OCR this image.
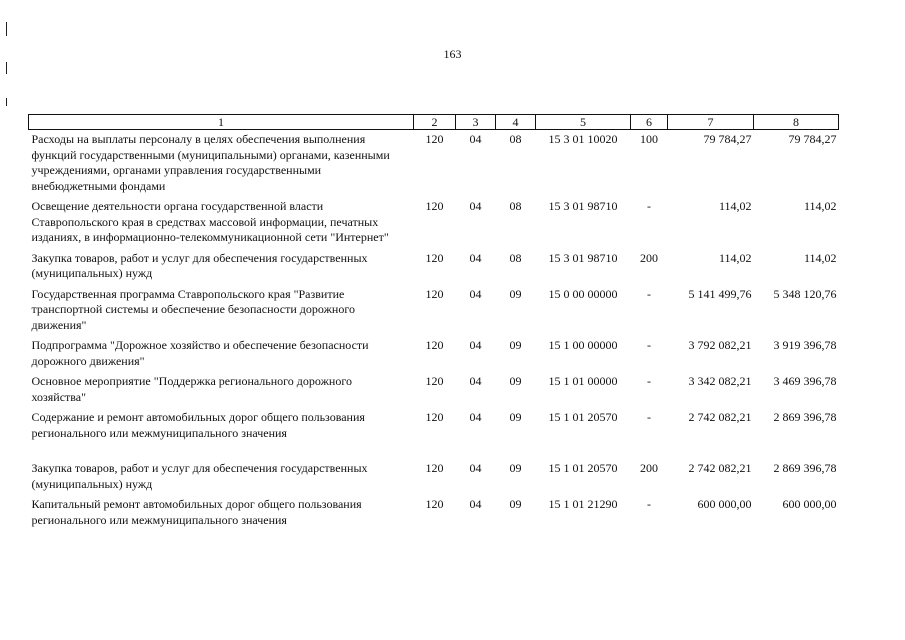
163
1	2	3	4	5	6	7	8
Расходы на выплаты персоналу в целях обеспечения выполнения функций государственными (муниципальными) органами, казенными учреждениями, органами управления государственными внебюджетными фондами	120	04	08	15 3 01 10020	100	79 784,27	79 784,27
Освещение деятельности органа государственной власти Ставропольского края в средствах массовой информации, печатных изданиях, в информационно-телекоммуникационной сети "Интернет"	120	04	08	15 3 01 98710	-	114,02	114,02
Закупка товаров, работ и услуг для обеспечения государственных (муниципальных) нужд	120	04	08	15 3 01 98710	200	114,02	114,02
Государственная программа Ставропольского края "Развитие транспортной системы и обеспечение безопасности дорожного движения"	120	04	09	15 0 00 00000	-	5 141 499,76	5 348 120,76
Подпрограмма "Дорожное хозяйство и обеспечение безопасности дорожного движения"	120	04	09	15 1 00 00000	-	3 792 082,21	3 919 396,78
Основное мероприятие "Поддержка регионального дорожного хозяйства"	120	04	09	15 1 01 00000	-	3 342 082,21	3 469 396,78
Содержание и ремонт автомобильных дорог общего пользования регионального или межмуниципального значения	120	04	09	15 1 01 20570	-	2 742 082,21	2 869 396,78
Закупка товаров, работ и услуг для обеспечения государственных (муниципальных) нужд	120	04	09	15 1 01 20570	200	2 742 082,21	2 869 396,78
Капитальный ремонт автомобильных дорог общего пользования регионального или межмуниципального значения	120	04	09	15 1 01 21290	-	600 000,00	600 000,00
